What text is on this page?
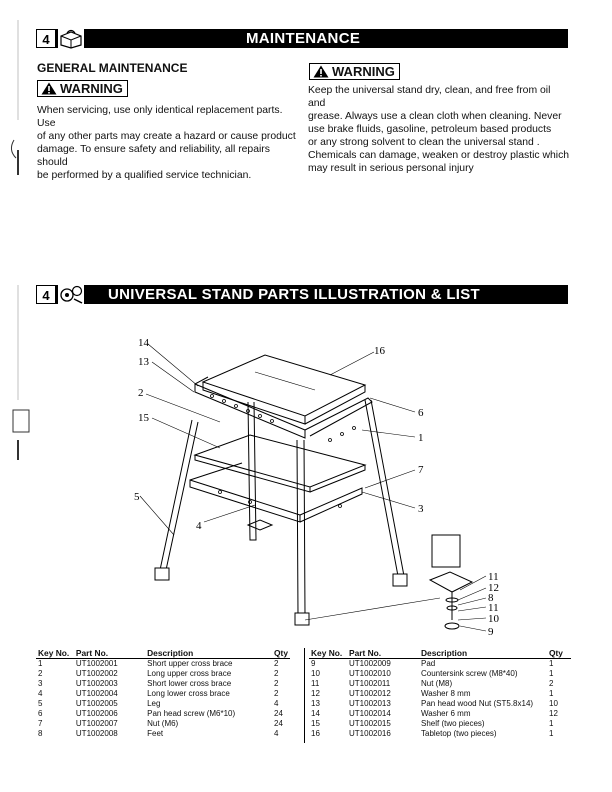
4	MAINTENANCE
GENERAL MAINTENANCE
WARNING
When servicing, use only identical replacement parts. Use
of any other parts may create a hazard or cause product
damage. To ensure safety and reliability, all repairs should
be performed by a qualified service technician.
WARNING
Keep the universal stand dry, clean, and free from oil and
grease. Always use a clean cloth when cleaning. Never
use brake fluids, gasoline, petroleum based products
or any strong solvent to clean the universal stand .
Chemicals can damage, weaken or destroy plastic which
may result in serious personal injury
4	UNIVERSAL STAND PARTS ILLUSTRATION & LIST
14
13
2
15
5
4
16
6
1
7
3
11
12
8
11
10
9
Key No.	Part No.	Description	Qty
1	UT1002001	Short upper cross brace	2
2	UT1002002	Long upper cross brace	2
3	UT1002003	Short lower cross brace	2
4	UT1002004	Long lower cross brace	2
5	UT1002005	Leg	4
6	UT1002006	Pan head screw (M6*10)	24
7	UT1002007	Nut (M6)	24
8	UT1002008	Feet	4
Key No.	Part No.	Description	Qty
9	UT1002009	Pad	1
10	UT1002010	Countersink screw (M8*40)	1
11	UT1002011	Nut (M8)	2
12	UT1002012	Washer 8 mm	1
13	UT1002013	Pan head wood Nut (ST5.8x14)	10
14	UT1002014	Washer 6 mm	12
15	UT1002015	Shelf (two pieces)	1
16	UT1002016	Tabletop (two pieces)	1
